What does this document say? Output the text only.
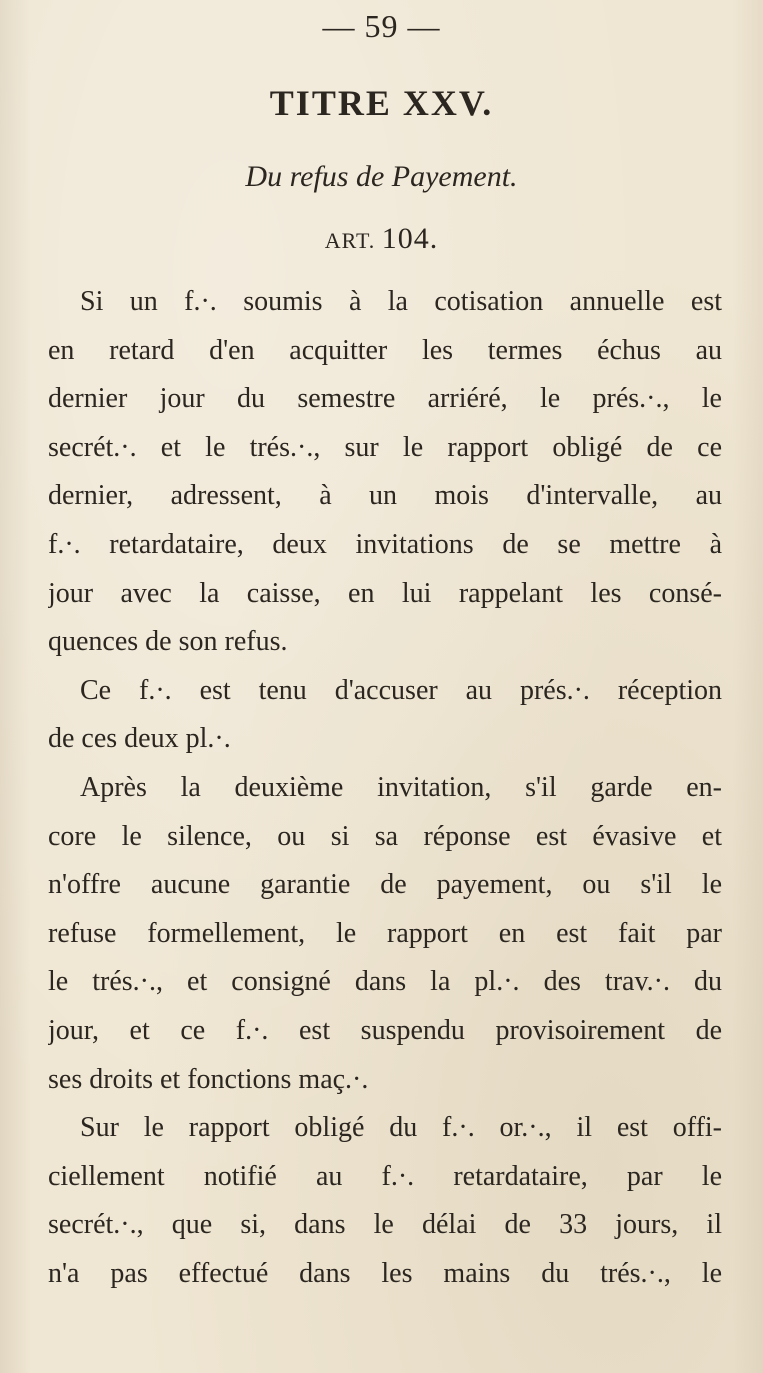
— 59 —
TITRE XXV.
Du refus de Payement.
ART. 104.
Si un f.·. soumis à la cotisation annuelle est
en retard d'en acquitter les termes échus au
dernier jour du semestre arriéré, le prés.·., le
secrét.·. et le trés.·., sur le rapport obligé de ce
dernier, adressent, à un mois d'intervalle, au
f.·. retardataire, deux invitations de se mettre à
jour avec la caisse, en lui rappelant les consé-
quences de son refus.
Ce f.·. est tenu d'accuser au prés.·. réception
de ces deux pl.·.
Après la deuxième invitation, s'il garde en-
core le silence, ou si sa réponse est évasive et
n'offre aucune garantie de payement, ou s'il le
refuse formellement, le rapport en est fait par
le trés.·., et consigné dans la pl.·. des trav.·. du
jour, et ce f.·. est suspendu provisoirement de
ses droits et fonctions maç.·.
Sur le rapport obligé du f.·. or.·., il est offi-
ciellement notifié au f.·. retardataire, par le
secrét.·., que si, dans le délai de 33 jours, il
n'a pas effectué dans les mains du trés.·., le
